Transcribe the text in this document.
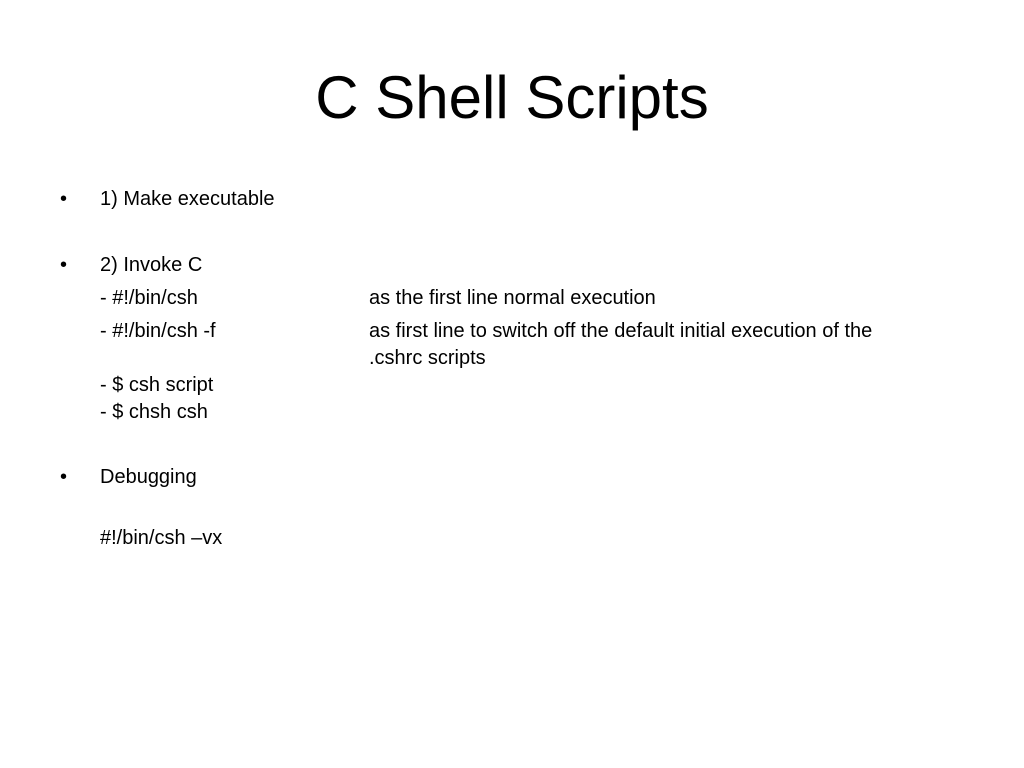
C Shell Scripts
• 1) Make executable
• 2) Invoke C
- #!/bin/csh	as the first line normal execution
- #!/bin/csh -f	as first line to switch off the default initial execution of the
.cshrc scripts
- $ csh script
- $ chsh csh
• Debugging
#!/bin/csh –vx
